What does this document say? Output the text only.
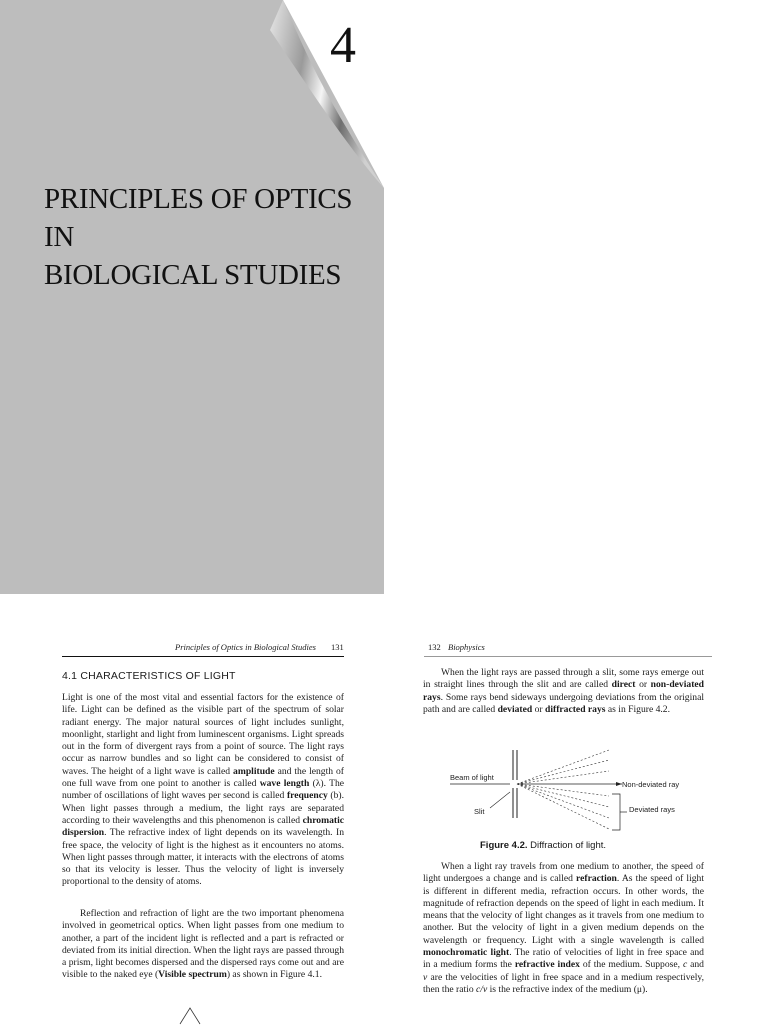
4
PRINCIPLES OF OPTICS IN
BIOLOGICAL STUDIES
Principles of Optics in Biological Studies 131
4.1 CHARACTERISTICS OF LIGHT
Light is one of the most vital and essential factors for the existence of life. Light can be defined as the visible part of the spectrum of solar radiant energy. The major natural sources of light includes sunlight, moonlight, starlight and light from luminescent organisms. Light spreads out in the form of divergent rays from a point of source. The light rays occur as narrow bundles and so light can be considered to consist of waves. The height of a light wave is called amplitude and the length of one full wave from one point to another is called wave length (λ). The number of oscillations of light waves per second is called frequency (b). When light passes through a medium, the light rays are separated according to their wavelengths and this phenomenon is called chromatic dispersion. The refractive index of light depends on its wavelength. In free space, the velocity of light is the highest as it encounters no atoms. When light passes through matter, it interacts with the electrons of atoms so that its velocity is lesser. Thus the velocity of light is inversely proportional to the density of atoms.
Reflection and refraction of light are the two important phenomena involved in geometrical optics. When light passes from one medium to another, a part of the incident light is reflected and a part is refracted or deviated from its initial direction. When the light rays are passed through a prism, light becomes dispersed and the dispersed rays come out and are visible to the naked eye (Visible spectrum) as shown in Figure 4.1.
132 Biophysics
When the light rays are passed through a slit, some rays emerge out in straight lines through the slit and are called direct or non-deviated rays. Some rays bend sideways undergoing deviations from the original path and are called deviated or diffracted rays as in Figure 4.2.
Beam of light
Slit
Non-deviated ray
Deviated rays
Figure 4.2. Diffraction of light.
When a light ray travels from one medium to another, the speed of light undergoes a change and is called refraction. As the speed of light is different in different media, refraction occurs. In other words, the magnitude of refraction depends on the speed of light in each medium. It means that the velocity of light changes as it travels from one medium to another. But the velocity of light in a given medium depends on the wavelength or frequency. Light with a single wavelength is called monochromatic light. The ratio of velocities of light in free space and in a medium forms the refractive index of the medium. Suppose, c and v are the velocities of light in free space and in a medium respectively, then the ratio c/v is the refractive index of the medium (μ).
